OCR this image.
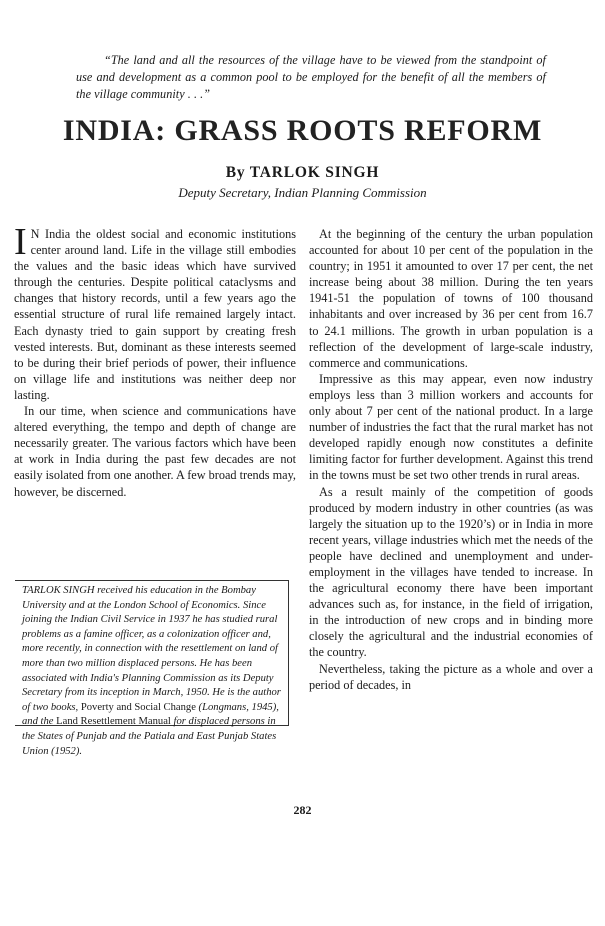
“The land and all the resources of the village have to be viewed from the standpoint of use and development as a common pool to be employed for the benefit of all the members of the village community . . .”

INDIA: GRASS ROOTS REFORM

By TARLOK SINGH

Deputy Secretary, Indian Planning Commission

I N India the oldest social and economic institutions center around land. Life in the village still embodies the values and the basic ideas which have survived through the centuries. Despite political cataclysms and changes that history records, until a few years ago the essential structure of rural life remained largely intact. Each dynasty tried to gain support by creating fresh vested interests. But, dominant as these interests seemed to be during their brief periods of power, their influence on village life and institutions was neither deep nor lasting.

In our time, when science and communications have altered everything, the tempo and depth of change are necessarily greater. The various factors which have been at work in India during the past few decades are not easily isolated from one another. A few broad trends may, however, be discerned.

TARLOK SINGH received his education in the Bombay University and at the London School of Economics. Since joining the Indian Civil Service in 1937 he has studied rural problems as a famine officer, as a colonization officer and, more recently, in connection with the resettlement on land of more than two million displaced persons. He has been associated with India's Planning Commission as its Deputy Secretary from its inception in March, 1950. He is the author of two books, Poverty and Social Change (Longmans, 1945), and the Land Resettlement Manual for displaced persons in the States of Punjab and the Patiala and East Punjab States Union (1952).

At the beginning of the century the urban population accounted for about 10 per cent of the population in the country; in 1951 it amounted to over 17 per cent, the net increase being about 38 million. During the ten years 1941-51 the population of towns of 100 thousand inhabitants and over increased by 36 per cent from 16.7 to 24.1 millions. The growth in urban population is a reflection of the development of large-scale industry, commerce and communications.

Impressive as this may appear, even now industry employs less than 3 million workers and accounts for only about 7 per cent of the national product. In a large number of industries the fact that the rural market has not developed rapidly enough now constitutes a definite limiting factor for further development. Against this trend in the towns must be set two other trends in rural areas.

As a result mainly of the competition of goods produced by modern industry in other countries (as was largely the situation up to the 1920’s) or in India in more recent years, village industries which met the needs of the people have declined and unemployment and under-employment in the villages have tended to increase. In the agricultural economy there have been important advances such as, for instance, in the field of irrigation, in the introduction of new crops and in binding more closely the agricultural and the industrial economies of the country.

Nevertheless, taking the picture as a whole and over a period of decades, in

282
